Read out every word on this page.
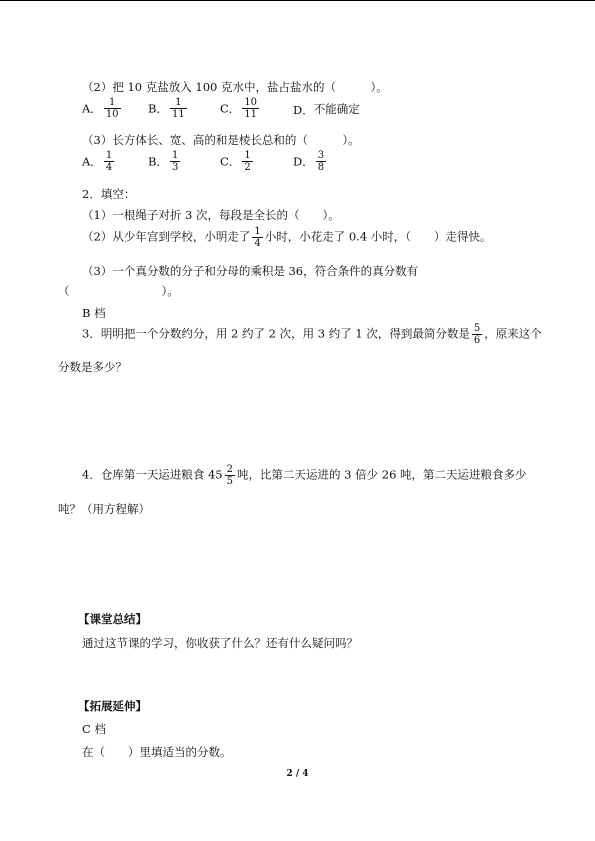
（2）把 10 克盐放入 100 克水中，盐占盐水的（　　　）。
A． $\frac{1}{10}$ B． $\frac{1}{11}$	C． $\frac{10}{11}$	D．不能确定
（3）长方体长、宽、高的和是棱长总和的（　　　）。
A． $\frac{1}{4}$	B． $\frac{1}{3}$	C． $\frac{1}{2}$	D． $\frac{3}{8}$
2．填空：
（1）一根绳子对折 3 次，每段是全长的（　　）。
（2）从少年宫到学校，小明走了 $\frac{1}{4}$ 小时，小花走了 0.4 小时，（　　）走得快。
（3）一个真分数的分子和分母的乘积是 36，符合条件的真分数有
（　　　　　　　　）。
B 档
3．明明把一个分数约分，用 2 约了 2 次，用 3 约了 1 次，得到最简分数是 $\frac{5}{6}$ ，原来这个
分数是多少？
4．仓库第一天运进粮食 $45 \frac{2}{5}$ 吨，比第二天运进的 3 倍少 26 吨，第二天运进粮食多少
吨？（用方程解）
【课堂总结】
通过这节课的学习，你收获了什么？还有什么疑问吗？
【拓展延伸】
C 档
在（　　）里填适当的分数。
2 / 4
